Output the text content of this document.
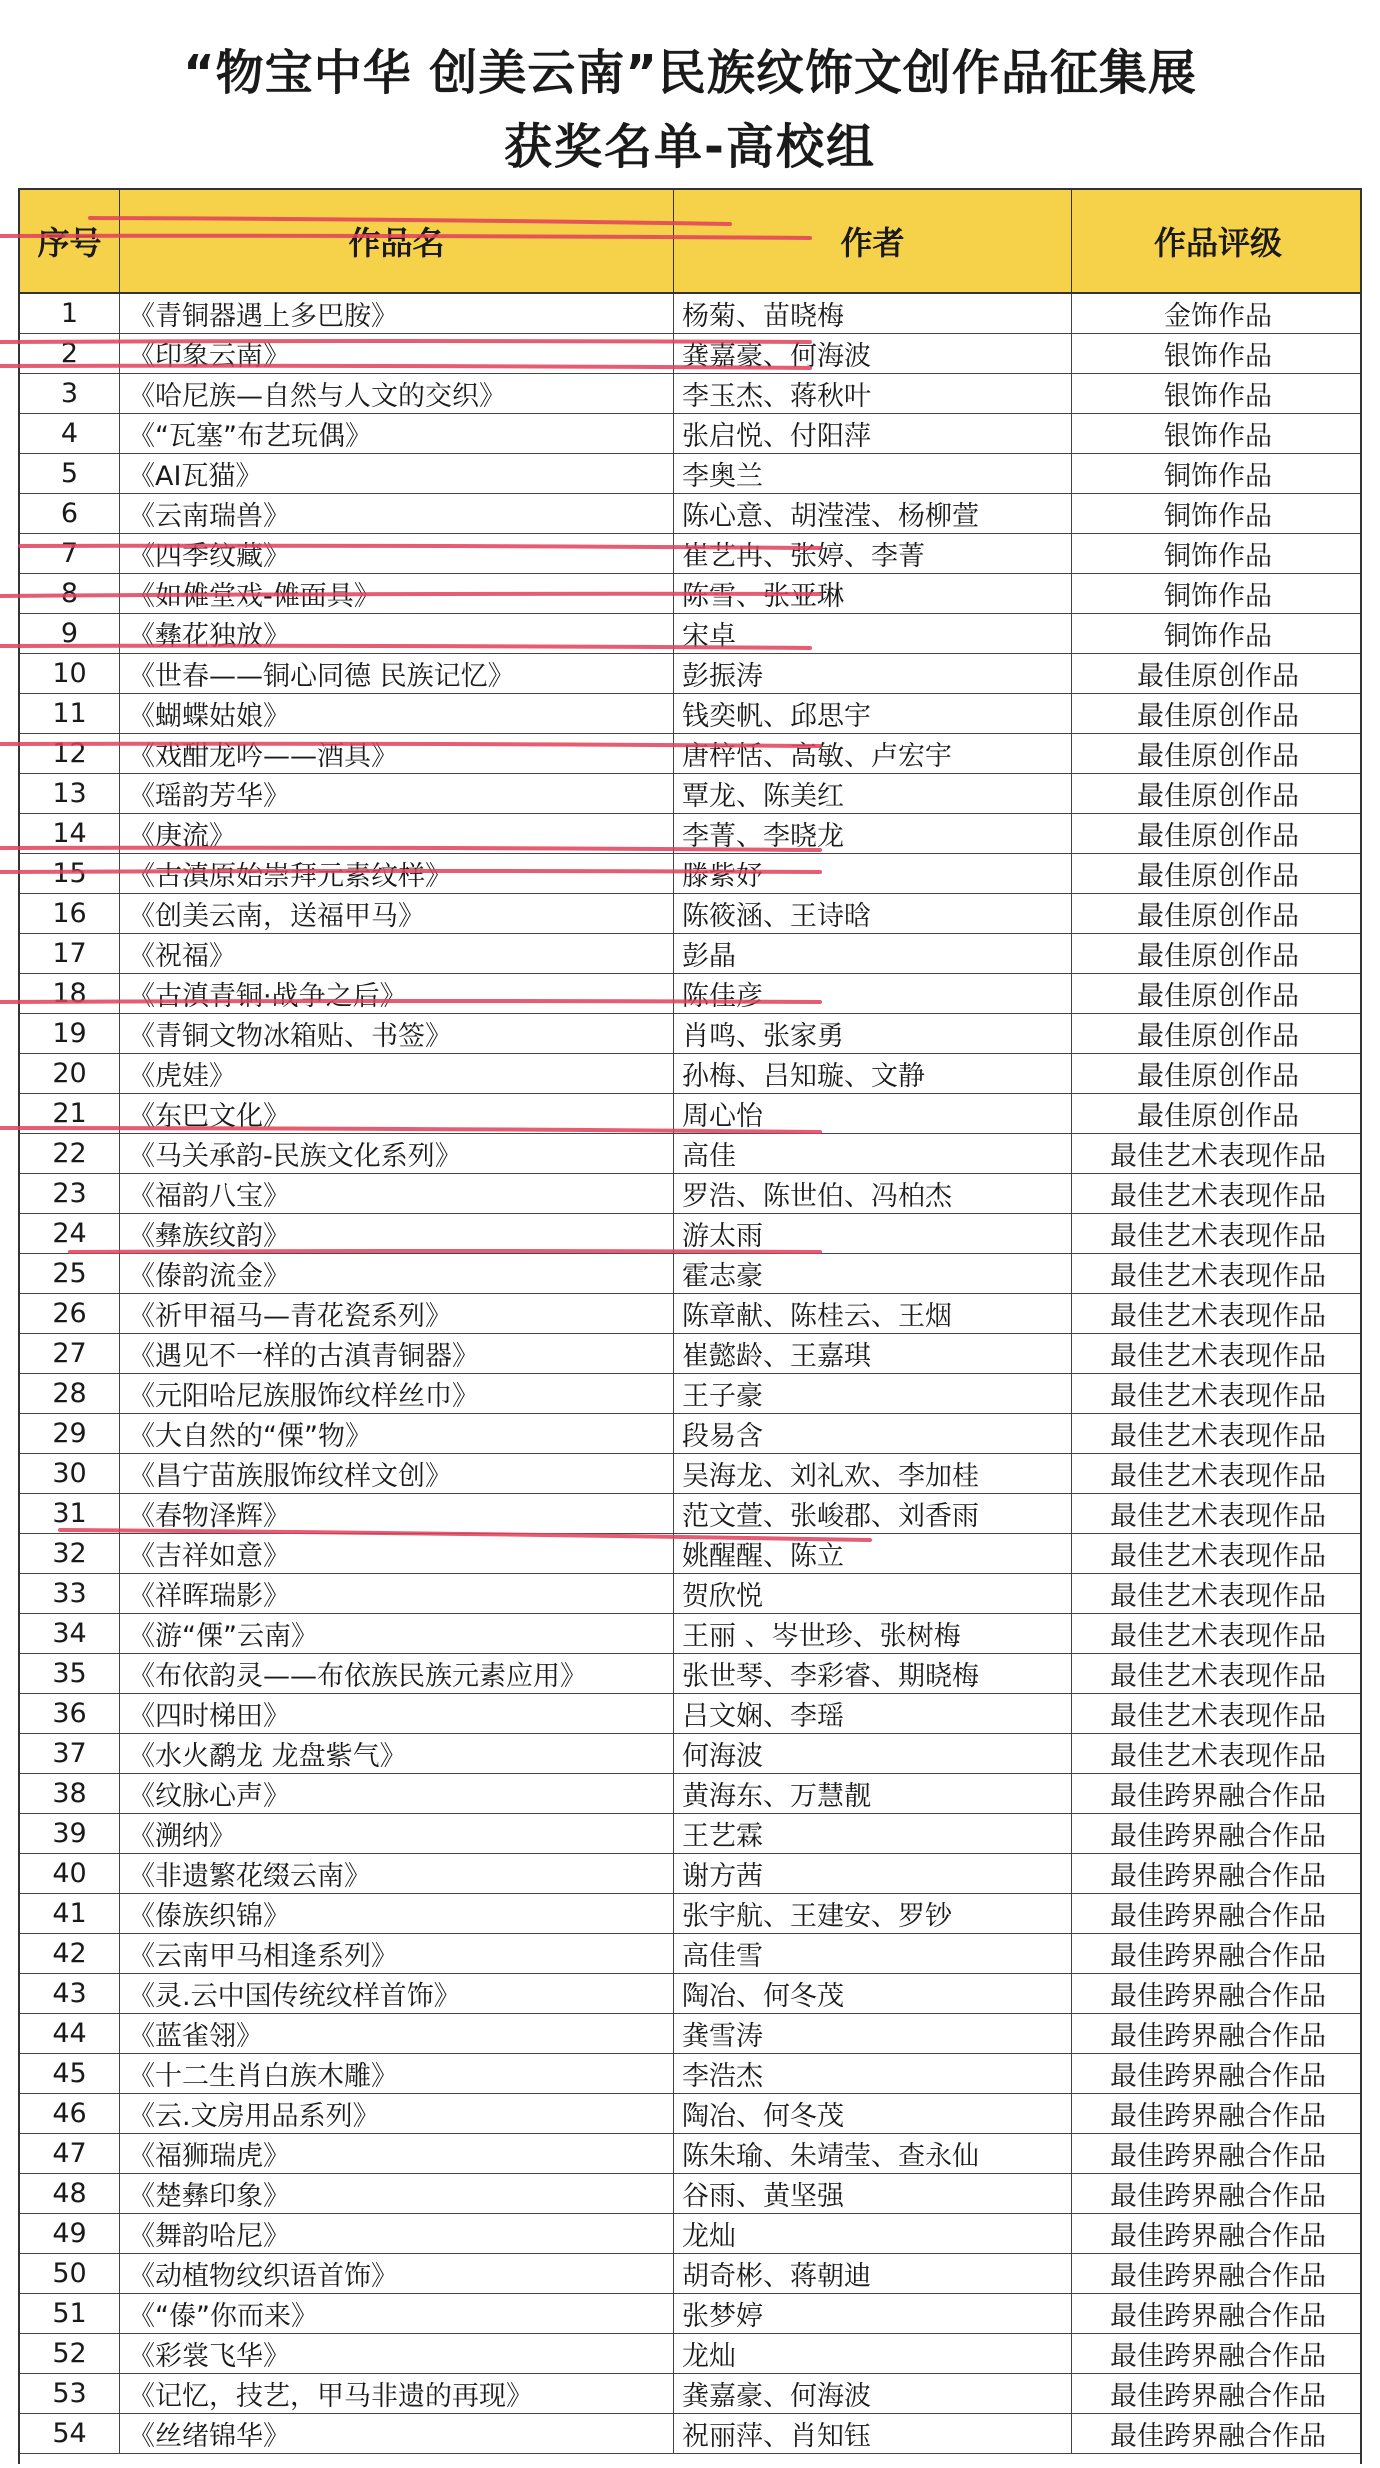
“物宝中华 创美云南”民族纹饰文创作品征集展
获奖名单-高校组
序号	作品名	作者	作品评级
1	《青铜器遇上多巴胺》	杨菊、苗晓梅	金饰作品
2	《印象云南》	龚嘉豪、何海波	银饰作品
3	《哈尼族—自然与人文的交织》	李玉杰、蒋秋叶	银饰作品
4	《“瓦塞”布艺玩偶》	张启悦、付阳萍	银饰作品
5	《AI瓦猫》	李奥兰	铜饰作品
6	《云南瑞兽》	陈心意、胡滢滢、杨柳萱	铜饰作品
7	《四季纹藏》	崔艺冉、张婷、李菁	铜饰作品
8	《如傩堂戏-傩面具》	陈雪、张亚琳	铜饰作品
9	《彝花独放》	宋卓	铜饰作品
10	《世春——铜心同德 民族记忆》	彭振涛	最佳原创作品
11	《蝴蝶姑娘》	钱奕帆、邱思宇	最佳原创作品
12	《戏酣龙吟——酒具》	唐梓恬、高敏、卢宏宇	最佳原创作品
13	《瑶韵芳华》	覃龙、陈美红	最佳原创作品
14	《庚流》	李菁、李晓龙	最佳原创作品
15	《古滇原始崇拜元素纹样》	滕紫妤	最佳原创作品
16	《创美云南，送福甲马》	陈筱涵、王诗晗	最佳原创作品
17	《祝福》	彭晶	最佳原创作品
18	《古滇青铜·战争之后》	陈佳彦	最佳原创作品
19	《青铜文物冰箱贴、书签》	肖鸣、张家勇	最佳原创作品
20	《虎娃》	孙梅、吕知璇、文静	最佳原创作品
21	《东巴文化》	周心怡	最佳原创作品
22	《马关承韵-民族文化系列》	高佳	最佳艺术表现作品
23	《福韵八宝》	罗浩、陈世伯、冯柏杰	最佳艺术表现作品
24	《彝族纹韵》	游太雨	最佳艺术表现作品
25	《傣韵流金》	霍志豪	最佳艺术表现作品
26	《祈甲福马—青花瓷系列》	陈章献、陈桂云、王烟	最佳艺术表现作品
27	《遇见不一样的古滇青铜器》	崔懿龄、王嘉琪	最佳艺术表现作品
28	《元阳哈尼族服饰纹样丝巾》	王子豪	最佳艺术表现作品
29	《大自然的“傈”物》	段易含	最佳艺术表现作品
30	《昌宁苗族服饰纹样文创》	吴海龙、刘礼欢、李加桂	最佳艺术表现作品
31	《春物泽辉》	范文萱、张峻郡、刘香雨	最佳艺术表现作品
32	《吉祥如意》	姚醒醒、陈立	最佳艺术表现作品
33	《祥晖瑞影》	贺欣悦	最佳艺术表现作品
34	《游“傈”云南》	王丽 、岑世珍、张树梅	最佳艺术表现作品
35	《布依韵灵——布依族民族元素应用》	张世琴、李彩睿、期晓梅	最佳艺术表现作品
36	《四时梯田》	吕文娴、李瑶	最佳艺术表现作品
37	《水火鹬龙 龙盘紫气》	何海波	最佳艺术表现作品
38	《纹脉心声》	黄海东、万慧靓	最佳跨界融合作品
39	《溯纳》	王艺霖	最佳跨界融合作品
40	《非遗繁花缀云南》	谢方茜	最佳跨界融合作品
41	《傣族织锦》	张宇航、王建安、罗钞	最佳跨界融合作品
42	《云南甲马相逢系列》	高佳雪	最佳跨界融合作品
43	《灵.云中国传统纹样首饰》	陶冶、何冬茂	最佳跨界融合作品
44	《蓝雀翎》	龚雪涛	最佳跨界融合作品
45	《十二生肖白族木雕》	李浩杰	最佳跨界融合作品
46	《云.文房用品系列》	陶冶、何冬茂	最佳跨界融合作品
47	《福狮瑞虎》	陈朱瑜、朱靖莹、查永仙	最佳跨界融合作品
48	《楚彝印象》	谷雨、黄坚强	最佳跨界融合作品
49	《舞韵哈尼》	龙灿	最佳跨界融合作品
50	《动植物纹织语首饰》	胡奇彬、蒋朝迪	最佳跨界融合作品
51	《“傣”你而来》	张梦婷	最佳跨界融合作品
52	《彩裳飞华》	龙灿	最佳跨界融合作品
53	《记忆，技艺，甲马非遗的再现》	龚嘉豪、何海波	最佳跨界融合作品
54	《丝绪锦华》	祝丽萍、肖知钰	最佳跨界融合作品
